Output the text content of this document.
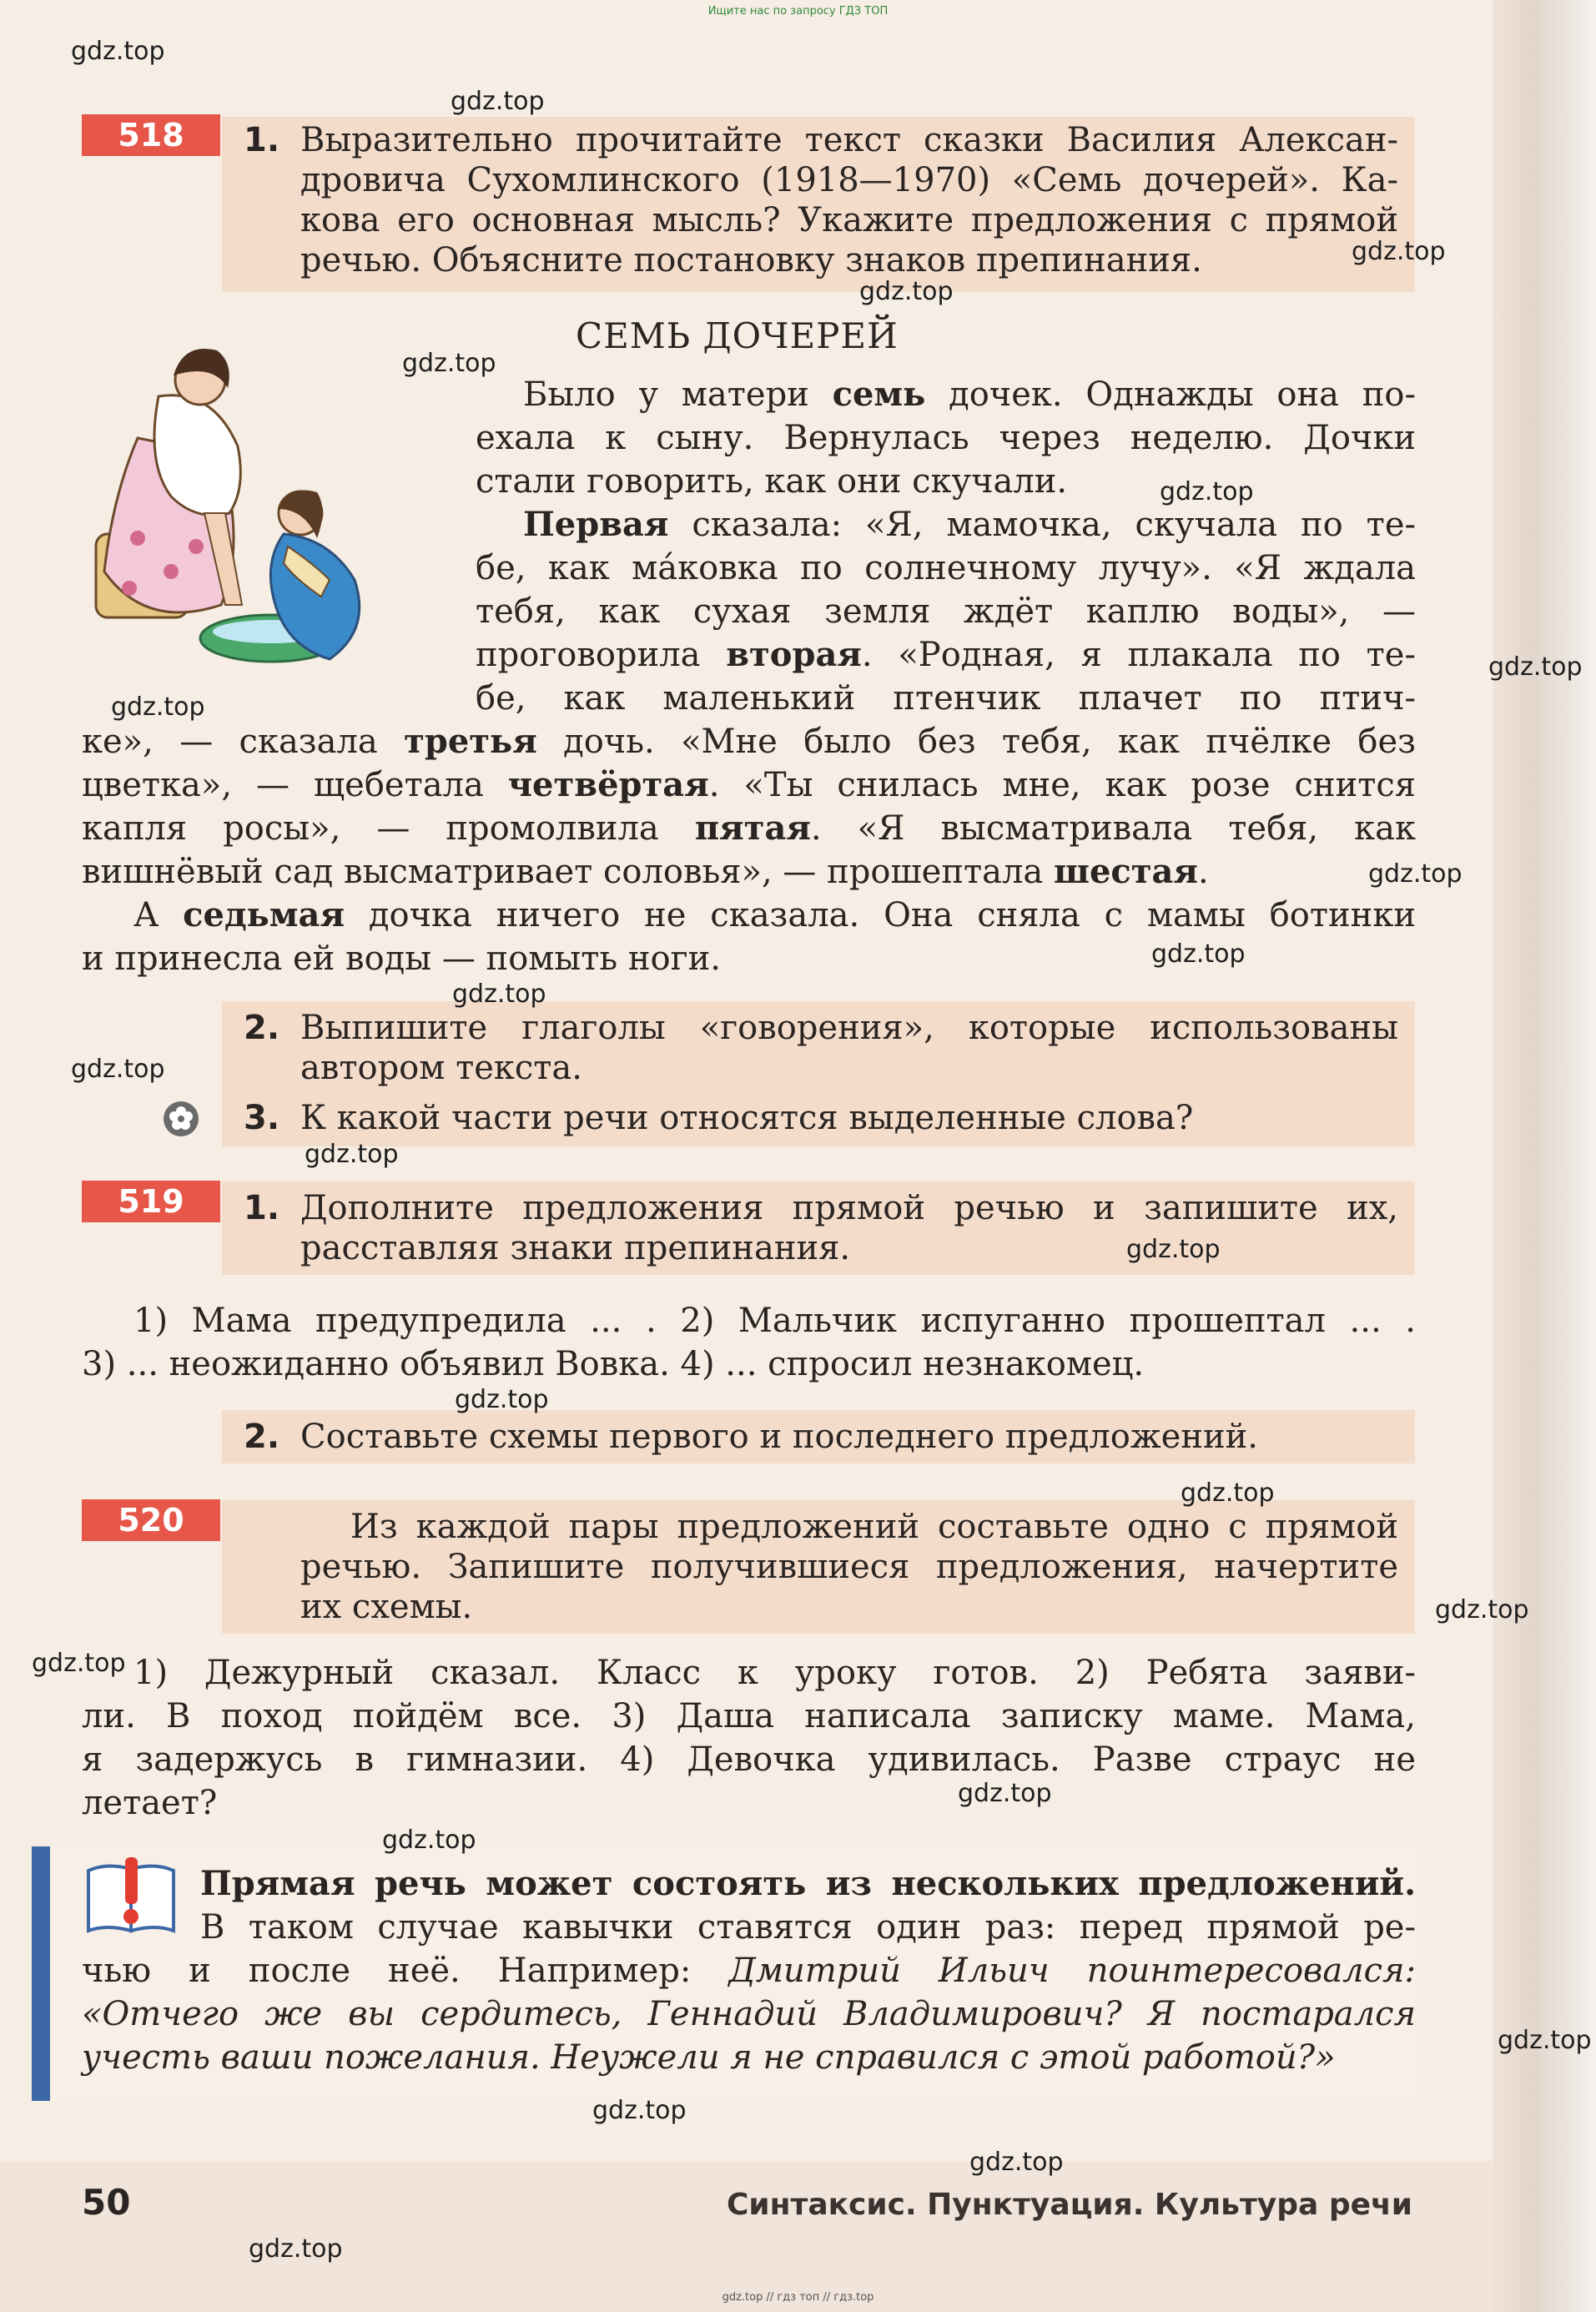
Ищите нас по запросу ГДЗ ТОП
518	1. Выразительно прочитайте текст сказки Василия Алексан-
дровича Сухомлинского (1918—1970) «Семь дочерей». Ка-
кова его основная мысль? Укажите предложения с прямой
речью. Объясните постановку знаков препинания.
СЕМЬ ДОЧЕРЕЙ
Было у матери семь дочек. Однажды она по-
ехала к сыну. Вернулась через неделю. Дочки
стали говорить, как они скучали.
Первая сказала: «Я, мамочка, скучала по те-
бе, как ма́ковка по солнечному лучу». «Я ждала
тебя, как сухая земля ждёт каплю воды», —
проговорила вторая. «Родная, я плакала по те-
бе, как маленький птенчик плачет по птич-
ке», — сказала третья дочь. «Мне было без тебя, как пчёлке без
цветка», — щебетала четвёртая. «Ты снилась мне, как розе снится
капля росы», — промолвила пятая. «Я высматривала тебя, как
вишнёвый сад высматривает соловья», — прошептала шестая.
А седьмая дочка ничего не сказала. Она сняла с мамы ботинки
и принесла ей воды — помыть ноги.
2. Выпишите глаголы «говорения», которые использованы
автором текста.
3. К какой части речи относятся выделенные слова?
519	1. Дополните предложения прямой речью и запишите их,
расставляя знаки препинания.
1) Мама предупредила ... . 2) Мальчик испуганно прошептал ... .
3) ... неожиданно объявил Вовка. 4) ... спросил незнакомец.
2. Составьте схемы первого и последнего предложений.
520	Из каждой пары предложений составьте одно с прямой
речью. Запишите получившиеся предложения, начертите
их схемы.
1) Дежурный сказал. Класс к уроку готов. 2) Ребята заяви-
ли. В поход пойдём все. 3) Даша написала записку маме. Мама,
я задержусь в гимназии. 4) Девочка удивилась. Разве страус не
летает?
Прямая речь может состоять из нескольких предложений.
В таком случае кавычки ставятся один раз: перед прямой ре-
чью и после неё. Например: Дмитрий Ильич поинтересовался:
«Отчего же вы сердитесь, Геннадий Владимирович? Я постарался
учесть ваши пожелания. Неужели я не справился с этой работой?»
50	Синтаксис. Пунктуация. Культура речи
gdz.top // гдз топ // гдз.top
gdz.top
gdz.top
gdz.top
gdz.top
gdz.top
gdz.top
gdz.top
gdz.top
gdz.top
gdz.top
gdz.top
gdz.top
gdz.top
gdz.top
gdz.top
gdz.top
gdz.top
gdz.top
gdz.top
gdz.top
gdz.top
gdz.top
gdz.top
gdz.top
